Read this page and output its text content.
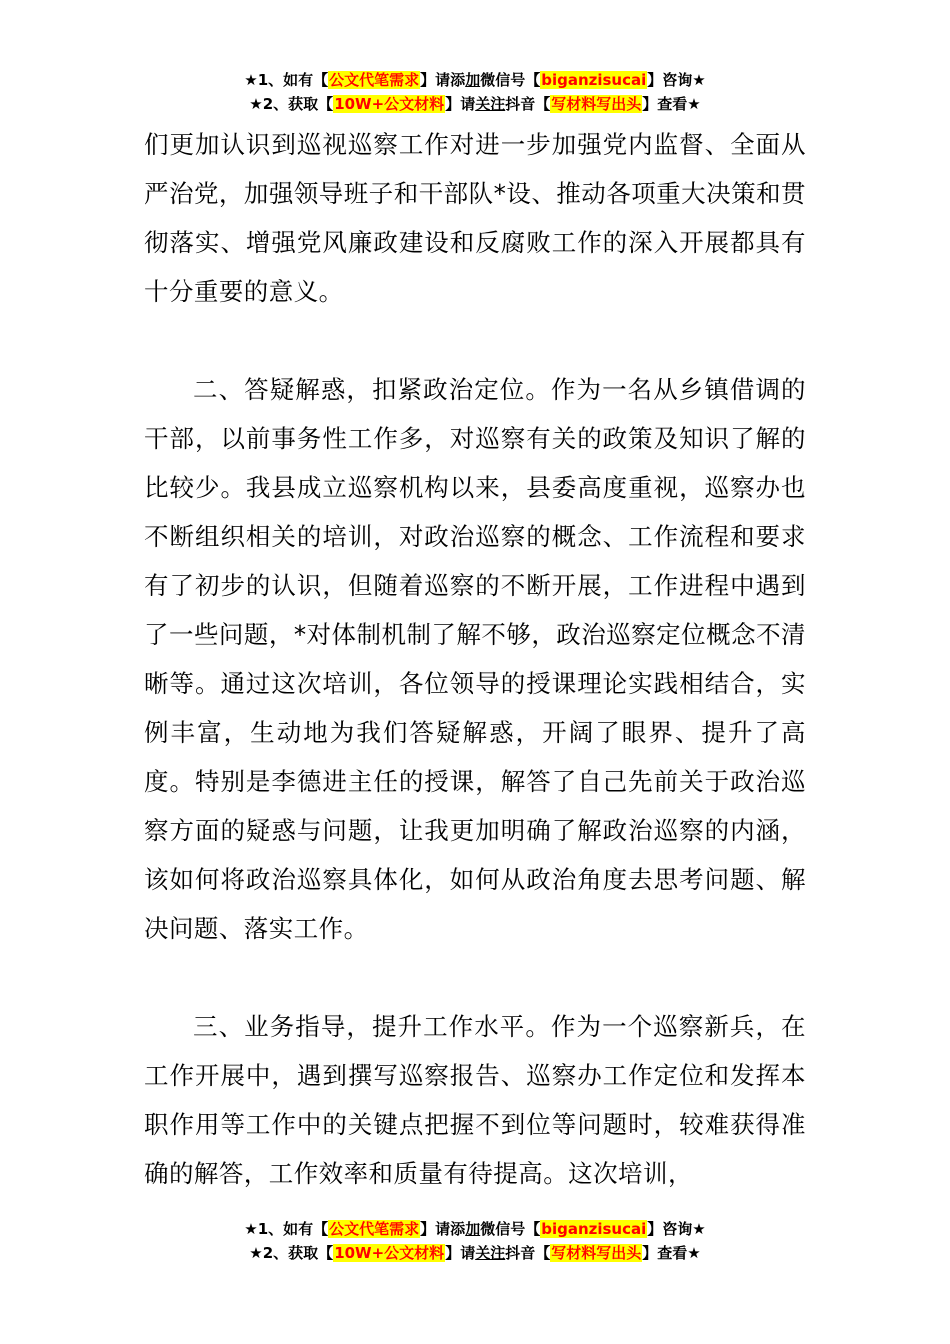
★1、如有【公文代笔需求】请添加微信号【biganzisucai】咨询★
★2、获取【10W+公文材料】请关注抖音【写材料写出头】查看★

们更加认识到巡视巡察工作对进一步加强党内监督、全面从严治党，加强领导班子和干部队*设、推动各项重大决策和贯彻落实、增强党风廉政建设和反腐败工作的深入开展都具有十分重要的意义。

二、答疑解惑，扣紧政治定位。作为一名从乡镇借调的干部，以前事务性工作多，对巡察有关的政策及知识了解的比较少。我县成立巡察机构以来，县委高度重视，巡察办也不断组织相关的培训，对政治巡察的概念、工作流程和要求有了初步的认识，但随着巡察的不断开展，工作进程中遇到了一些问题，*对体制机制了解不够，政治巡察定位概念不清晰等。通过这次培训，各位领导的授课理论实践相结合，实例丰富，生动地为我们答疑解惑，开阔了眼界、提升了高度。特别是李德进主任的授课，解答了自己先前关于政治巡察方面的疑惑与问题，让我更加明确了解政治巡察的内涵，该如何将政治巡察具体化，如何从政治角度去思考问题、解决问题、落实工作。

三、业务指导，提升工作水平。作为一个巡察新兵，在工作开展中，遇到撰写巡察报告、巡察办工作定位和发挥本职作用等工作中的关键点把握不到位等问题时，较难获得准确的解答，工作效率和质量有待提高。这次培训，

★1、如有【公文代笔需求】请添加微信号【biganzisucai】咨询★
★2、获取【10W+公文材料】请关注抖音【写材料写出头】查看★
